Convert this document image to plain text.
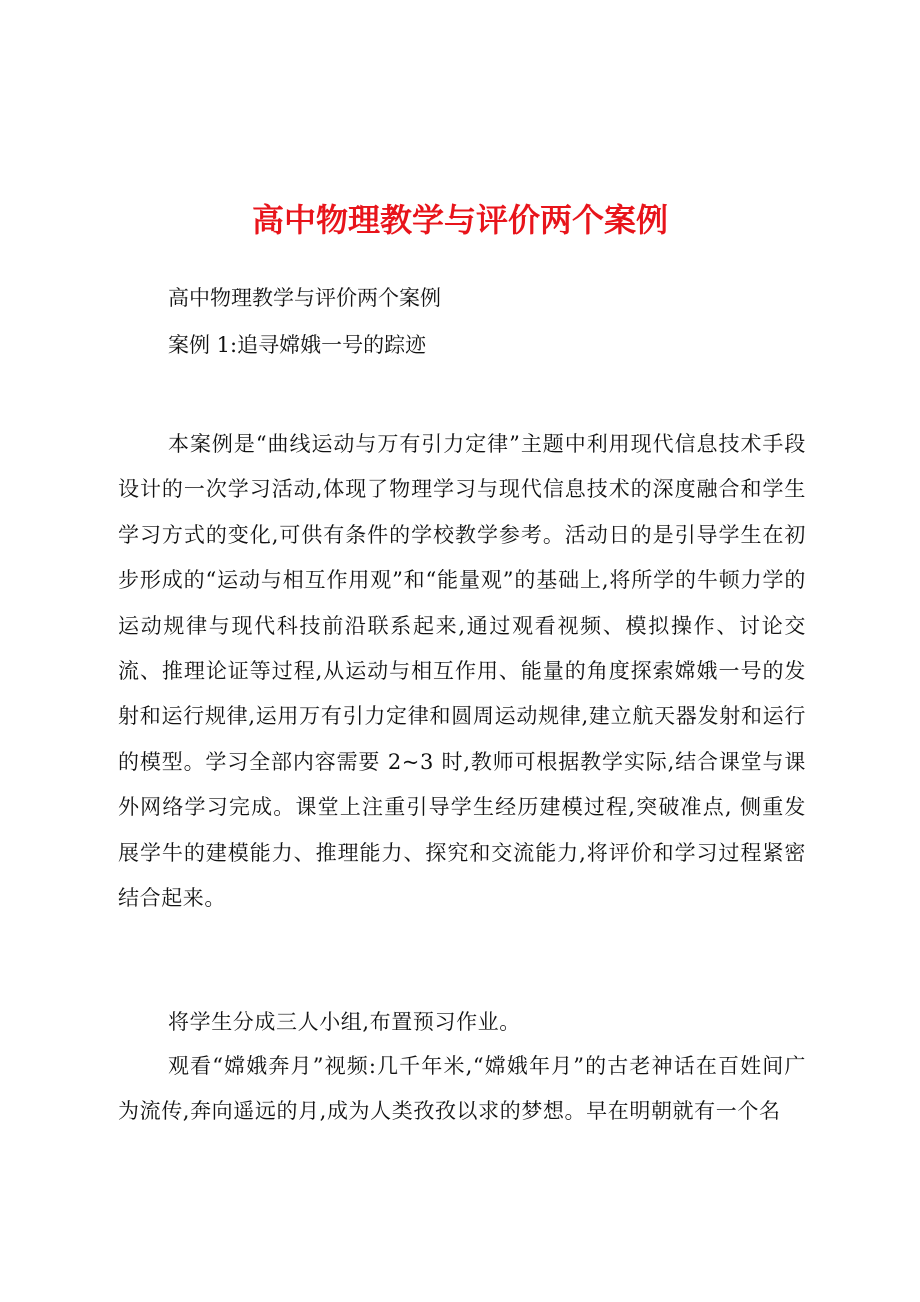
高中物理教学与评价两个案例

高中物理教学与评价两个案例

案例 1:追寻嫦娥一号的踪迹

本案例是“曲线运动与万有引力定律”主题中利用现代信息技术手段设计的一次学习活动,体现了物理学习与现代信息技术的深度融合和学生学习方式的变化,可供有条件的学校教学参考。活动日的是引导学生在初步形成的“运动与相互作用观”和“能量观”的基础上,将所学的牛顿力学的运动规律与现代科技前沿联系起来,通过观看视频、模拟操作、讨论交流、推理论证等过程,从运动与相互作用、能量的角度探索嫦娥一号的发射和运行规律,运用万有引力定律和圆周运动规律,建立航天器发射和运行的模型。学习全部内容需要 2~3 时,教师可根据教学实际,结合课堂与课外网络学习完成。课堂上注重引导学生经历建模过程,突破准点, 侧重发展学牛的建模能力、推理能力、探究和交流能力,将评价和学习过程紧密结合起来。

将学生分成三人小组,布置预习作业。

观看“嫦娥奔月”视频:几千年米,“嫦娥年月”的古老神话在百姓间广为流传,奔向遥远的月,成为人类孜孜以求的梦想。早在明朝就有一个名
